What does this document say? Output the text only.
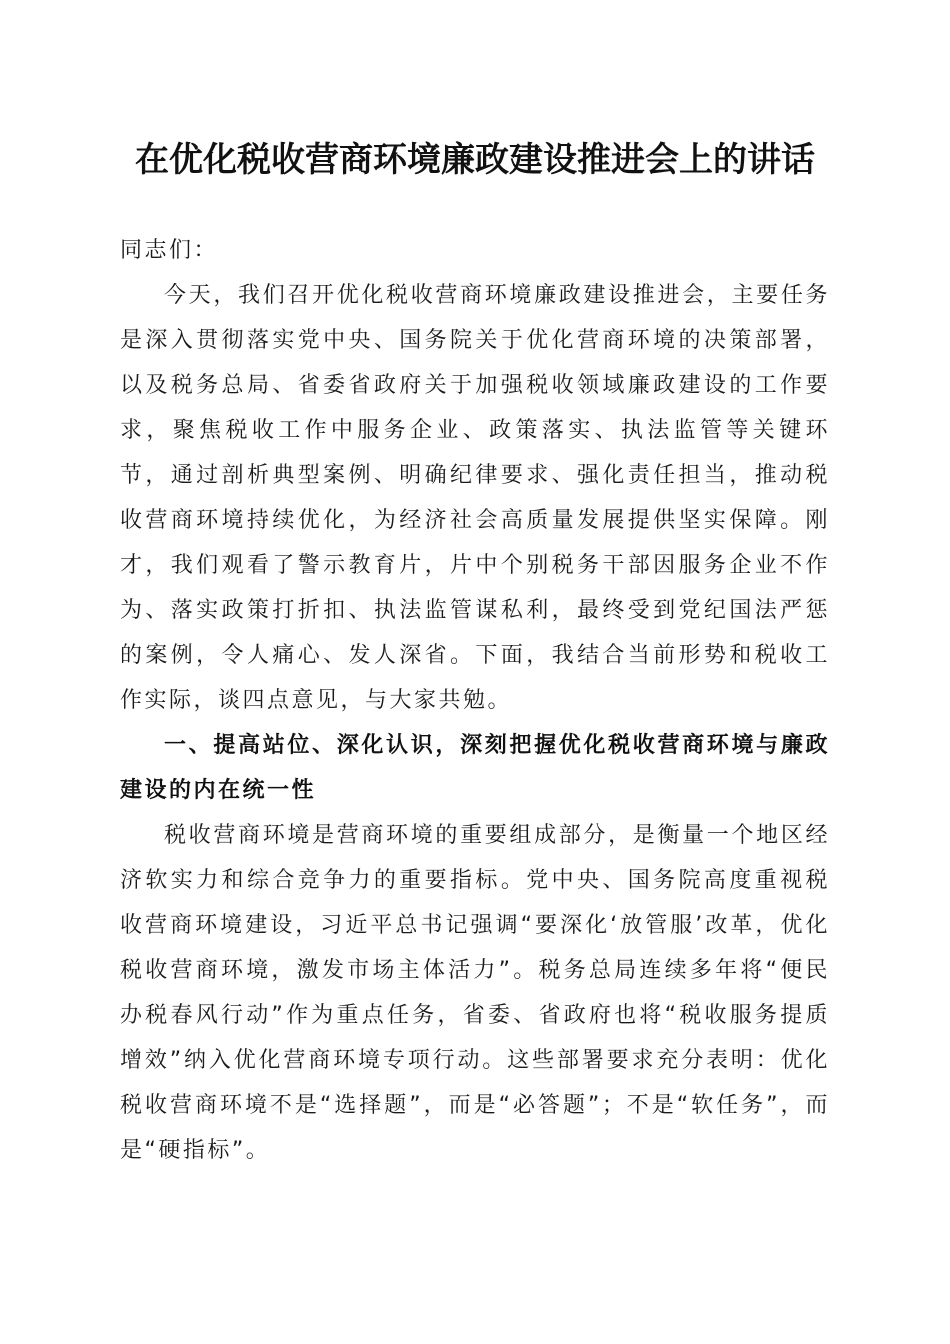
在优化税收营商环境廉政建设推进会上的讲话

同志们：

今天，我们召开优化税收营商环境廉政建设推进会，主要任务是深入贯彻落实党中央、国务院关于优化营商环境的决策部署，以及税务总局、省委省政府关于加强税收领域廉政建设的工作要求，聚焦税收工作中服务企业、政策落实、执法监管等关键环节，通过剖析典型案例、明确纪律要求、强化责任担当，推动税收营商环境持续优化，为经济社会高质量发展提供坚实保障。刚才，我们观看了警示教育片，片中个别税务干部因服务企业不作为、落实政策打折扣、执法监管谋私利，最终受到党纪国法严惩的案例，令人痛心、发人深省。下面，我结合当前形势和税收工作实际，谈四点意见，与大家共勉。

一、提高站位、深化认识，深刻把握优化税收营商环境与廉政建设的内在统一性

税收营商环境是营商环境的重要组成部分，是衡量一个地区经济软实力和综合竞争力的重要指标。党中央、国务院高度重视税收营商环境建设，习近平总书记强调“要深化‘放管服’改革，优化税收营商环境，激发市场主体活力”。税务总局连续多年将“便民办税春风行动”作为重点任务，省委、省政府也将“税收服务提质增效”纳入优化营商环境专项行动。这些部署要求充分表明：优化税收营商环境不是“选择题”，而是“必答题”；不是“软任务”，而是“硬指标”。
